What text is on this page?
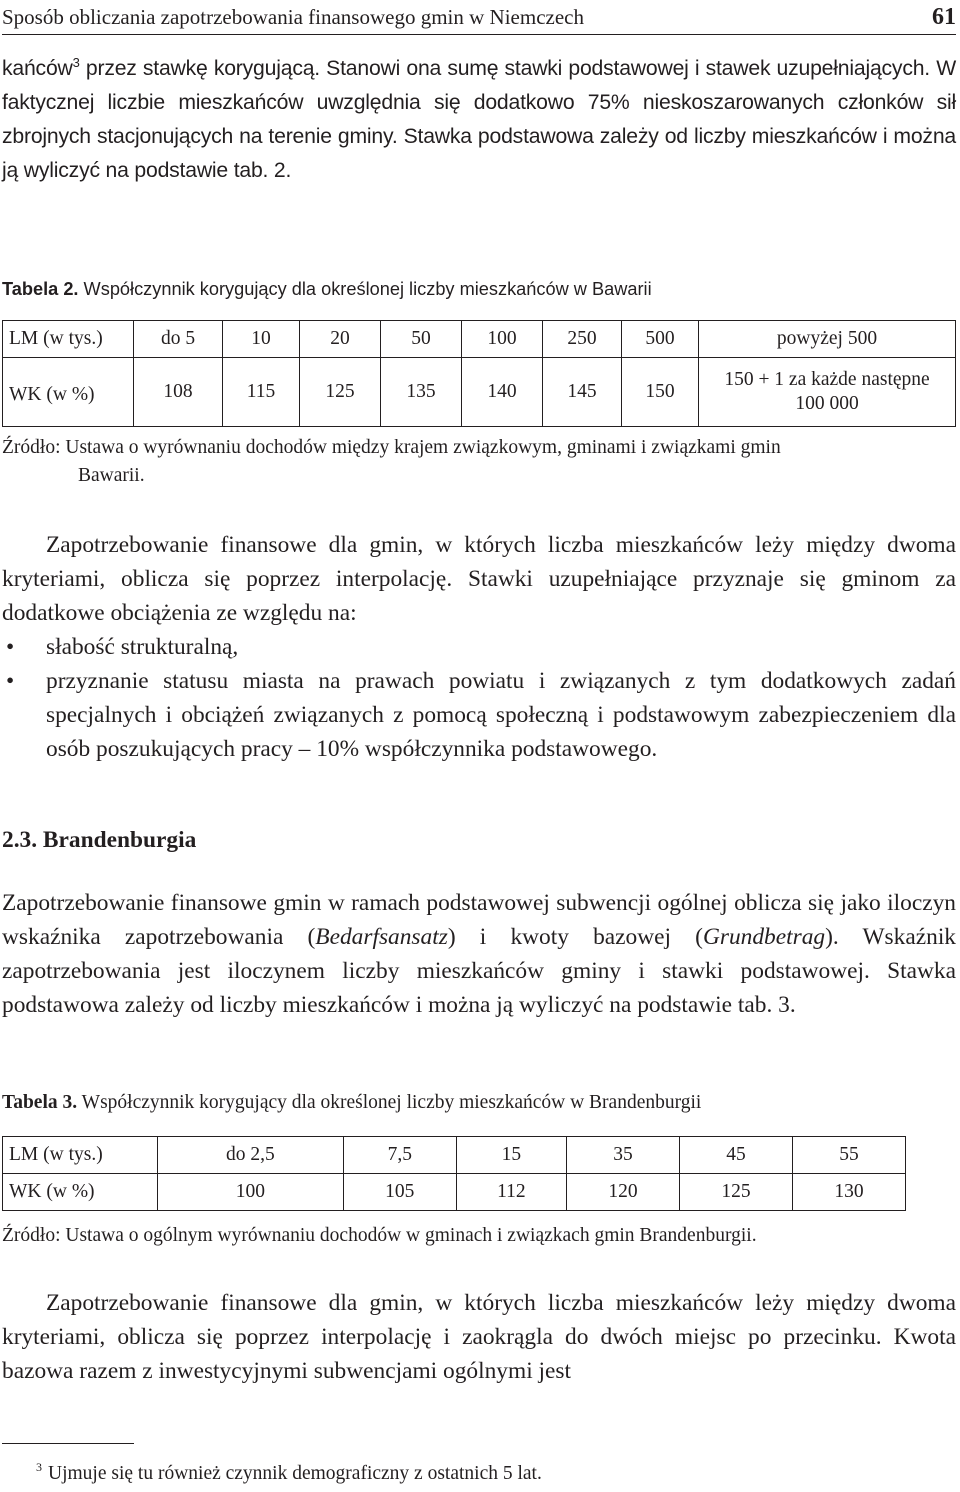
Sposób obliczania zapotrzebowania finansowego gmin w Niemczech	61

kańców$^3$ przez stawkę korygującą. Stanowi ona sumę stawki podstawowej i stawek uzupełniających. W faktycznej liczbie mieszkańców uwzględnia się dodatkowo 75% nieskoszarowanych członków sił zbrojnych stacjonujących na terenie gminy. Stawka podstawowa zależy od liczby mieszkańców i można ją wyliczyć na podstawie tab. 2.

Tabela 2. Współczynnik korygujący dla określonej liczby mieszkańców w Bawarii

LM (w tys.)	do 5	10	20	50	100	250	500	powyżej 500
WK (w %)	108	115	125	135	140	145	150	150 + 1 za każde następne
100 000

Źródło: Ustawa o wyrównaniu dochodów między krajem związkowym, gminami i związkami gmin
Bawarii.

Zapotrzebowanie finansowe dla gmin, w których liczba mieszkańców leży między dwoma kryteriami, oblicza się poprzez interpolację. Stawki uzupełniające przyznaje się gminom za dodatkowe obciążenia ze względu na:

• słabość strukturalną,
• przyznanie statusu miasta na prawach powiatu i związanych z tym dodatkowych zadań specjalnych i obciążeń związanych z pomocą społeczną i podstawowym zabezpieczeniem dla osób poszukujących pracy – 10% współczynnika podstawowego.
2.3. Brandenburgia

Zapotrzebowanie finansowe gmin w ramach podstawowej subwencji ogólnej oblicza się jako iloczyn wskaźnika zapotrzebowania (Bedarfsansatz) i kwoty bazowej (Grundbetrag). Wskaźnik zapotrzebowania jest iloczynem liczby mieszkańców gminy i stawki podstawowej. Stawka podstawowa zależy od liczby mieszkańców i można ją wyliczyć na podstawie tab. 3.

Tabela 3. Współczynnik korygujący dla określonej liczby mieszkańców w Brandenburgii

LM (w tys.)	do 2,5	7,5	15	35	45	55
WK (w %)	100	105	112	120	125	130

Źródło: Ustawa o ogólnym wyrównaniu dochodów w gminach i związkach gmin Brandenburgii.

Zapotrzebowanie finansowe dla gmin, w których liczba mieszkańców leży między dwoma kryteriami, oblicza się poprzez interpolację i zaokrągla do dwóch miejsc po przecinku. Kwota bazowa razem z inwestycyjnymi subwencjami ogólnymi jest

$^3$ Ujmuje się tu również czynnik demograficzny z ostatnich 5 lat.
